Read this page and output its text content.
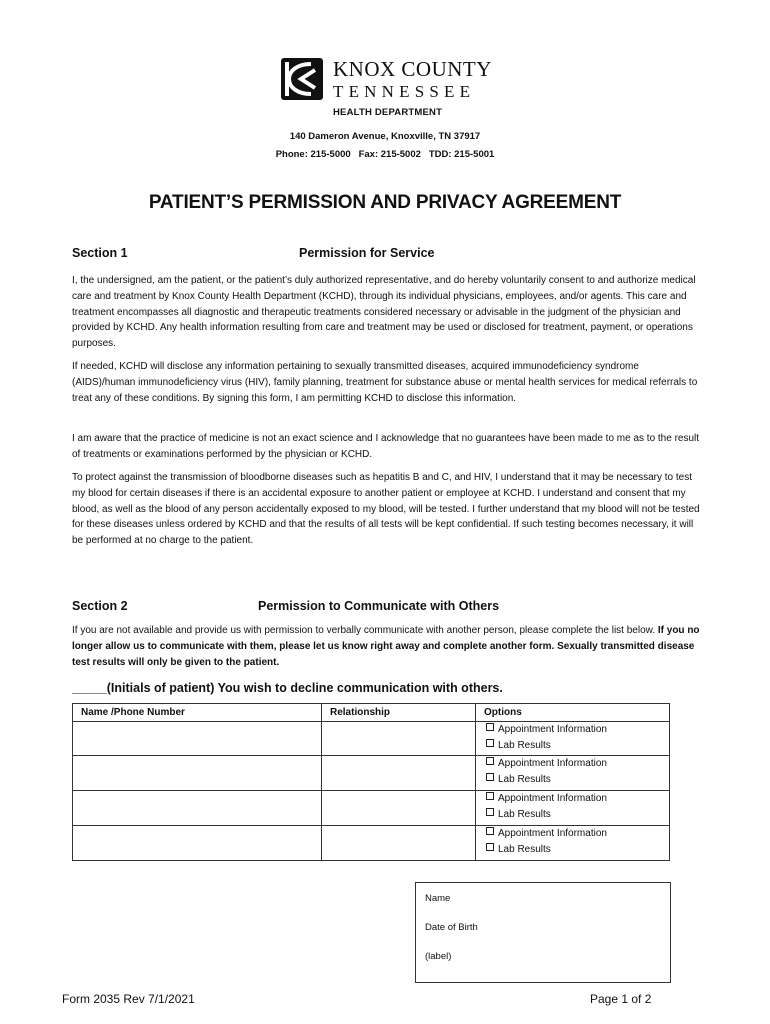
KNOX COUNTY
TENNESSEE
HEALTH DEPARTMENT
140 Dameron Avenue, Knoxville, TN 37917
Phone: 215-5000   Fax: 215-5002   TDD: 215-5001
PATIENT’S PERMISSION AND PRIVACY AGREEMENT
Section 1	Permission for Service
I, the undersigned, am the patient, or the patient’s duly authorized representative, and do hereby voluntarily consent to and authorize medical care and treatment by Knox County Health Department (KCHD), through its individual physicians, employees, and/or agents. This care and treatment encompasses all diagnostic and therapeutic treatments considered necessary or advisable in the judgment of the physician and provided by KCHD. Any health information resulting from care and treatment may be used or disclosed for treatment, payment, or operations purposes.
If needed, KCHD will disclose any information pertaining to sexually transmitted diseases, acquired immunodeficiency syndrome (AIDS)/human immunodeficiency virus (HIV), family planning, treatment for substance abuse or mental health services for medical referrals to treat any of these conditions. By signing this form, I am permitting KCHD to disclose this information.
I am aware that the practice of medicine is not an exact science and I acknowledge that no guarantees have been made to me as to the result of treatments or examinations performed by the physician or KCHD.
To protect against the transmission of bloodborne diseases such as hepatitis B and C, and HIV, I understand that it may be necessary to test my blood for certain diseases if there is an accidental exposure to another patient or employee at KCHD. I understand and consent that my blood, as well as the blood of any person accidentally exposed to my blood, will be tested. I further understand that my blood will not be tested for these diseases unless ordered by KCHD and that the results of all tests will be kept confidential. If such testing becomes necessary, it will be performed at no charge to the patient.
Section 2	Permission to Communicate with Others
If you are not available and provide us with permission to verbally communicate with another person, please complete the list below. If you no longer allow us to communicate with them, please let us know right away and complete another form. Sexually transmitted disease test results will only be given to the patient.
_____(Initials of patient) You wish to decline communication with others.
Name /Phone Number	Relationship	Options

		Appointment Information
Lab Results

		Appointment Information
Lab Results

		Appointment Information
Lab Results

		Appointment Information
Lab Results
Name
Date of Birth
(label)
Form 2035 Rev 7/1/2021	Page 1 of 2
